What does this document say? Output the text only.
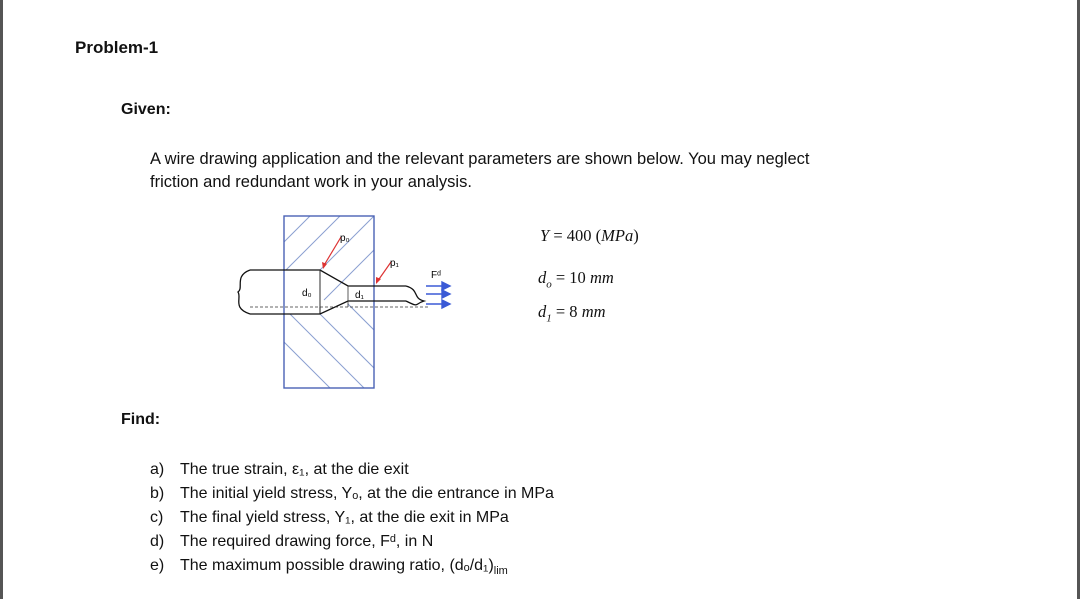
Problem-1
Given:
A wire drawing application and the relevant parameters are shown below. You may neglect
friction and redundant work in your analysis.
p₀
p₁
Fᵈ
d₀	d₁
Y = 400 (MPa)
$d_o = 10$ mm
$d_1 = 8$ mm
Find:
a) The true strain, ε₁, at the die exit
b) The initial yield stress, Yₒ, at the die entrance in MPa
c) The final yield stress, Y₁, at the die exit in MPa
d) The required drawing force, Fᵈ, in N
e) The maximum possible drawing ratio, $(d_o/d_1)_{lim}$
